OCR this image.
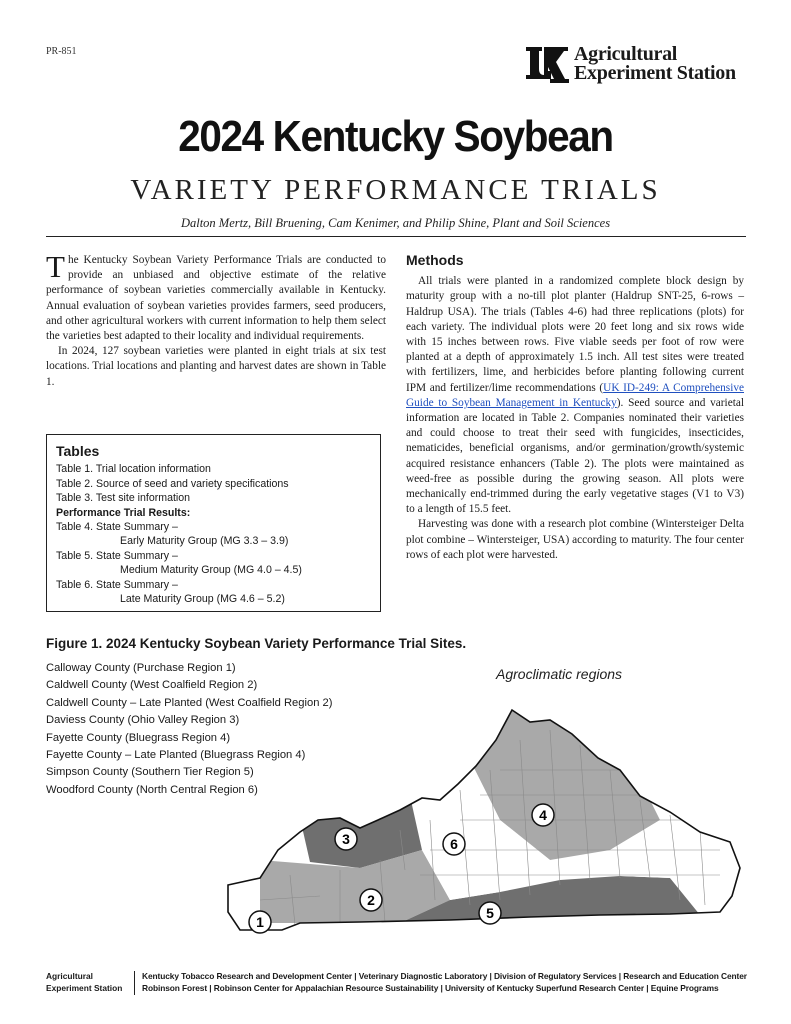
PR-851	Agricultural
Experiment Station
2024 Kentucky Soybean
VARIETY PERFORMANCE TRIALS
Dalton Mertz, Bill Bruening, Cam Kenimer, and Philip Shine, Plant and Soil Sciences

The Kentucky Soybean Variety Performance Trials are conducted to provide an unbiased and objective estimate of the relative performance of soybean varieties commercially available in Kentucky. Annual evaluation of soybean varieties provides farmers, seed producers, and other agricultural workers with current information to help them select the varieties best adapted to their locality and individual requirements.

In 2024, 127 soybean varieties were planted in eight trials at six test locations. Trial locations and planting and harvest dates are shown in Table 1.

Tables
Table 1. Trial location information
Table 2. Source of seed and variety specifications
Table 3. Test site information
Performance Trial Results:
Table 4. State Summary –
Early Maturity Group (MG 3.3 – 3.9)
Table 5. State Summary –
Medium Maturity Group (MG 4.0 – 4.5)
Table 6. State Summary –
Late Maturity Group (MG 4.6 – 5.2)
Methods

All trials were planted in a randomized complete block design by maturity group with a no-till plot planter (Haldrup SNT-25, 6-rows – Haldrup USA). The trials (Tables 4-6) had three replications (plots) for each variety. The individual plots were 20 feet long and six rows wide with 15 inches between rows. Five viable seeds per foot of row were planted at a depth of approximately 1.5 inch. All test sites were treated with fertilizers, lime, and herbicides before planting following current IPM and fertilizer/lime recommendations (UK ID-249: A Comprehensive Guide to Soybean Management in Kentucky). Seed source and varietal information are located in Table 2. Companies nominated their varieties and could choose to treat their seed with fungicides, insecticides, nematicides, beneficial organisms, and/or germination/growth/systemic acquired resistance enhancers (Table 2). The plots were maintained as weed-free as possible during the growing season. All plots were mechanically end-trimmed during the early vegetative stages (V1 to V3) to a length of 15.5 feet.

Harvesting was done with a research plot combine (Wintersteiger Delta plot combine – Wintersteiger, USA) according to maturity. The four center rows of each plot were harvested.

Figure 1. 2024 Kentucky Soybean Variety Performance Trial Sites.
Calloway County (Purchase Region 1)
Caldwell County (West Coalfield Region 2)
Caldwell County – Late Planted (West Coalfield Region 2)
Daviess County (Ohio Valley Region 3)
Fayette County (Bluegrass Region 4)
Fayette County – Late Planted (Bluegrass Region 4)
Simpson County (Southern Tier Region 5)
Woodford County (North Central Region 6)
Agroclimatic regions
1
2
3
4
5
6
Agricultural
Experiment Station
Kentucky Tobacco Research and Development Center | Veterinary Diagnostic Laboratory | Division of Regulatory Services | Research and Education Center
Robinson Forest | Robinson Center for Appalachian Resource Sustainability | University of Kentucky Superfund Research Center | Equine Programs
